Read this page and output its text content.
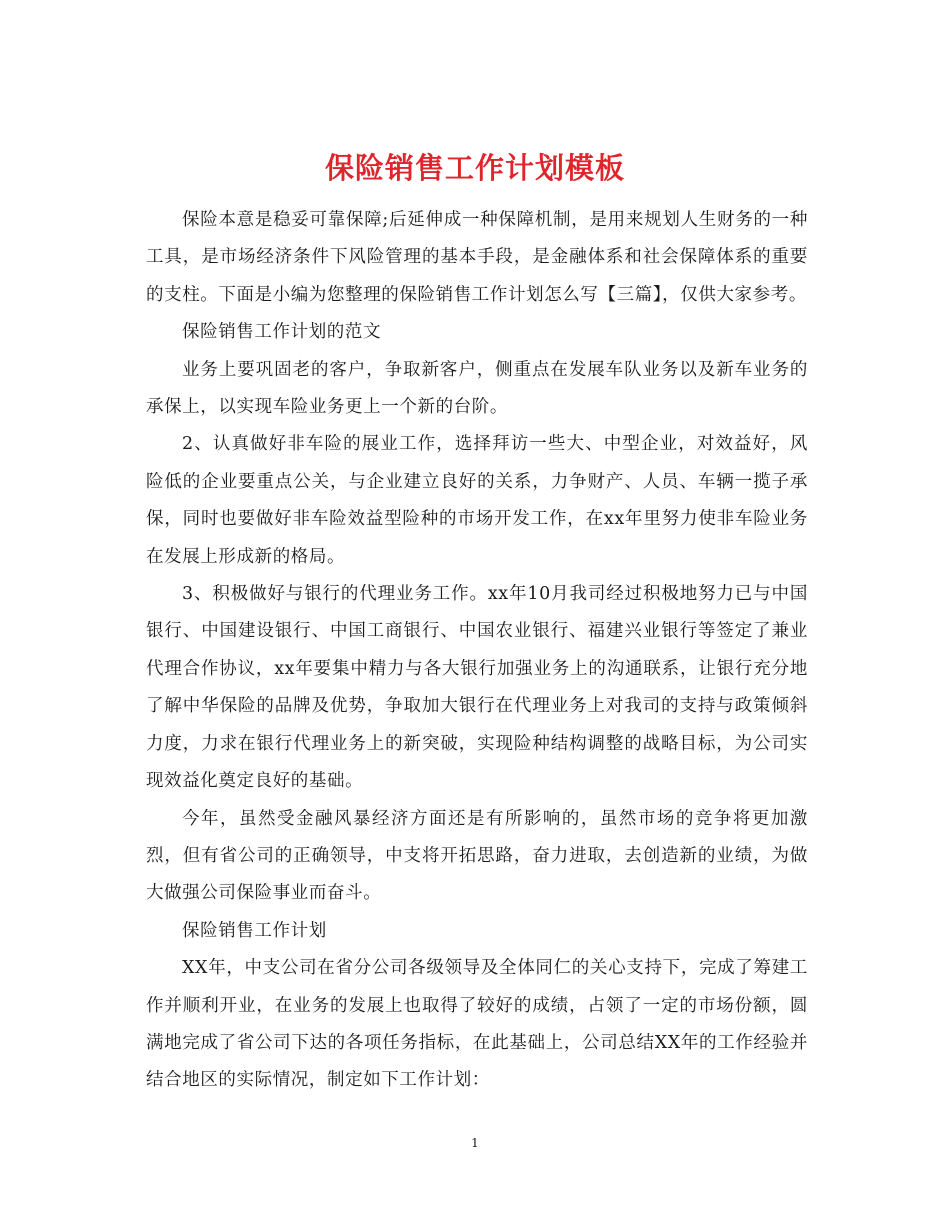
保险销售工作计划模板

保险本意是稳妥可靠保障;后延伸成一种保障机制，是用来规划人生财务的一种工具，是市场经济条件下风险管理的基本手段，是金融体系和社会保障体系的重要的支柱。下面是小编为您整理的保险销售工作计划怎么写【三篇】，仅供大家参考。

保险销售工作计划的范文

业务上要巩固老的客户，争取新客户，侧重点在发展车队业务以及新车业务的承保上，以实现车险业务更上一个新的台阶。

2、认真做好非车险的展业工作，选择拜访一些大、中型企业，对效益好，风险低的企业要重点公关，与企业建立良好的关系，力争财产、人员、车辆一揽子承保，同时也要做好非车险效益型险种的市场开发工作，在xx年里努力使非车险业务在发展上形成新的格局。

3、积极做好与银行的代理业务工作。xx年10月我司经过积极地努力已与中国银行、中国建设银行、中国工商银行、中国农业银行、福建兴业银行等签定了兼业代理合作协议，xx年要集中精力与各大银行加强业务上的沟通联系，让银行充分地了解中华保险的品牌及优势，争取加大银行在代理业务上对我司的支持与政策倾斜力度，力求在银行代理业务上的新突破，实现险种结构调整的战略目标，为公司实现效益化奠定良好的基础。

今年，虽然受金融风暴经济方面还是有所影响的，虽然市场的竞争将更加激烈，但有省公司的正确领导，中支将开拓思路，奋力进取，去创造新的业绩，为做大做强公司保险事业而奋斗。

保险销售工作计划

XX年，中支公司在省分公司各级领导及全体同仁的关心支持下，完成了筹建工作并顺利开业，在业务的发展上也取得了较好的成绩，占领了一定的市场份额，圆满地完成了省公司下达的各项任务指标，在此基础上，公司总结XX年的工作经验并结合地区的实际情况，制定如下工作计划：

1
